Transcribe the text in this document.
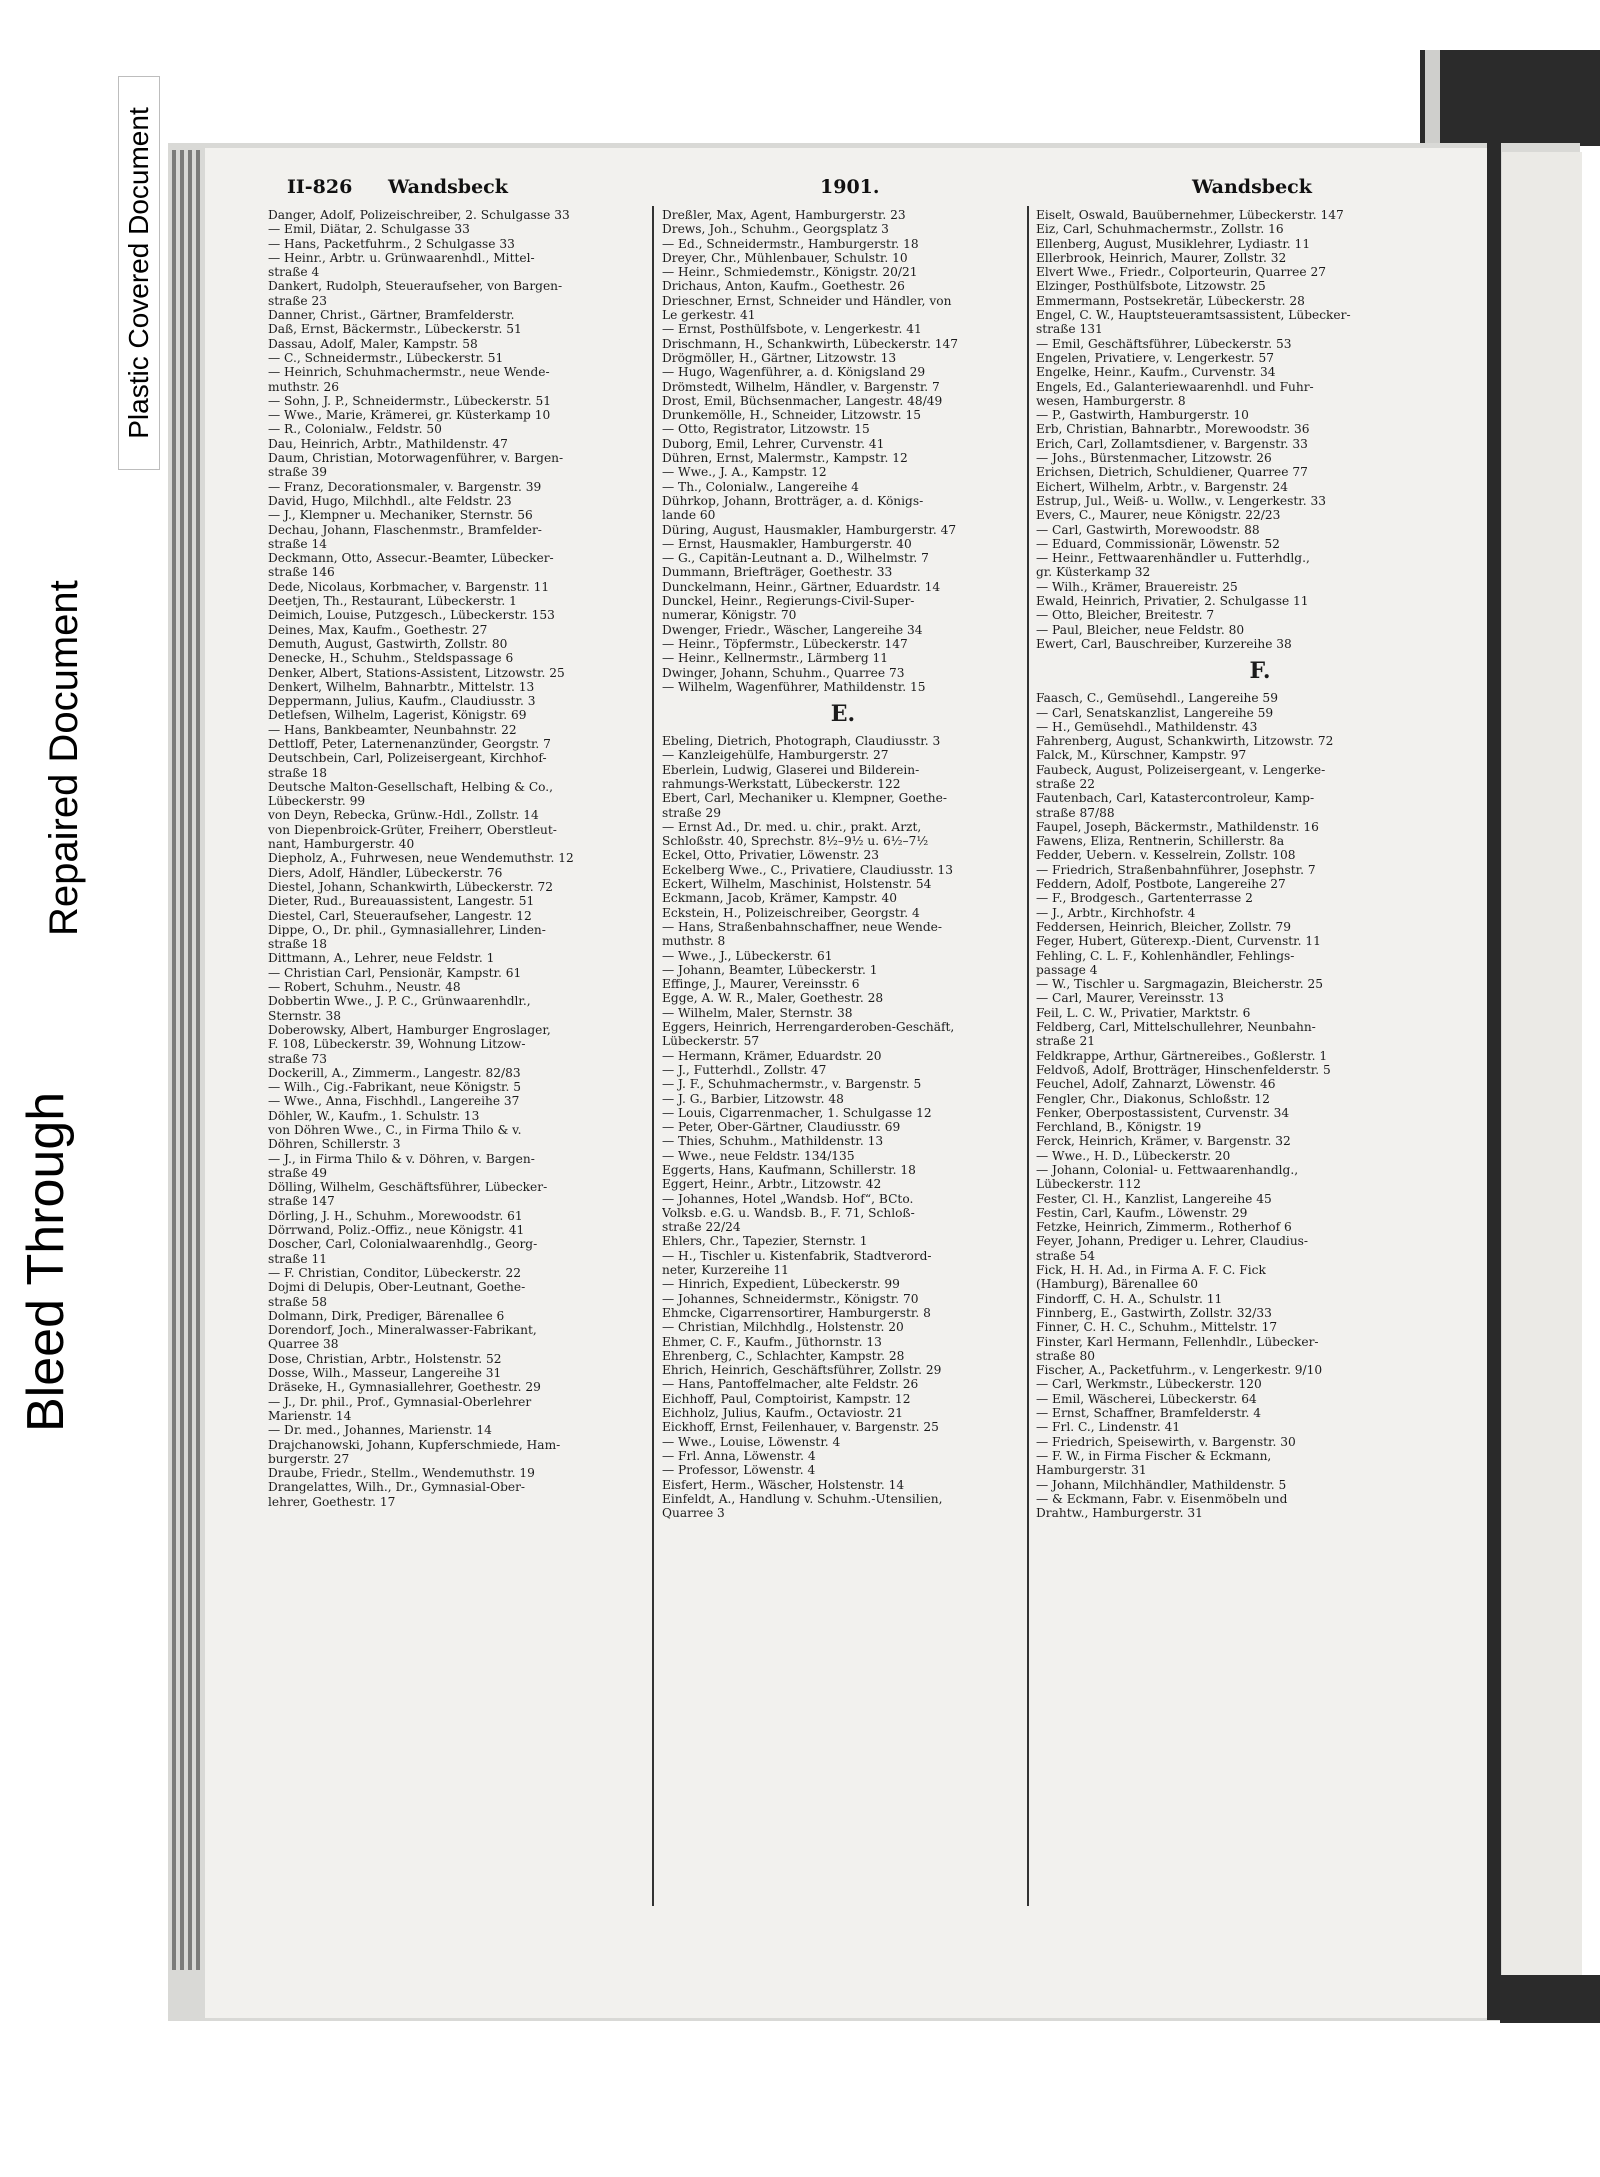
II-826 Wandsbeck	1901.	Wandsbeck
Danger, Adolf, Polizeischreiber, 2. Schulgasse 33
— Emil, Diätar, 2. Schulgasse 33
— Hans, Packetfuhrm., 2 Schulgasse 33
— Heinr., Arbtr. u. Grünwaarenhdl., Mittel-
straße 4
Dankert, Rudolph, Steueraufseher, von Bargen-
straße 23
Danner, Christ., Gärtner, Bramfelderstr.
Daß, Ernst, Bäckermstr., Lübeckerstr. 51
Dassau, Adolf, Maler, Kampstr. 58
— C., Schneidermstr., Lübeckerstr. 51
— Heinrich, Schuhmachermstr., neue Wende-
muthstr. 26
— Sohn, J. P., Schneidermstr., Lübeckerstr. 51
— Wwe., Marie, Krämerei, gr. Küsterkamp 10
— R., Colonialw., Feldstr. 50
Dau, Heinrich, Arbtr., Mathildenstr. 47
Daum, Christian, Motorwagenführer, v. Bargen-
straße 39
— Franz, Decorationsmaler, v. Bargenstr. 39
David, Hugo, Milchhdl., alte Feldstr. 23
— J., Klempner u. Mechaniker, Sternstr. 56
Dechau, Johann, Flaschenmstr., Bramfelder-
straße 14
Deckmann, Otto, Assecur.-Beamter, Lübecker-
straße 146
Dede, Nicolaus, Korbmacher, v. Bargenstr. 11
Deetjen, Th., Restaurant, Lübeckerstr. 1
Deimich, Louise, Putzgesch., Lübeckerstr. 153
Deines, Max, Kaufm., Goethestr. 27
Demuth, August, Gastwirth, Zollstr. 80
Denecke, H., Schuhm., Steldspassage 6
Denker, Albert, Stations-Assistent, Litzowstr. 25
Denkert, Wilhelm, Bahnarbtr., Mittelstr. 13
Deppermann, Julius, Kaufm., Claudiusstr. 3
Detlefsen, Wilhelm, Lagerist, Königstr. 69
— Hans, Bankbeamter, Neunbahnstr. 22
Dettloff, Peter, Laternenanzünder, Georgstr. 7
Deutschbein, Carl, Polizeisergeant, Kirchhof-
straße 18
Deutsche Malton-Gesellschaft, Helbing & Co.,
Lübeckerstr. 99
von Deyn, Rebecka, Grünw.-Hdl., Zollstr. 14
von Diepenbroick-Grüter, Freiherr, Oberstleut-
nant, Hamburgerstr. 40
Diepholz, A., Fuhrwesen, neue Wendemuthstr. 12
Diers, Adolf, Händler, Lübeckerstr. 76
Diestel, Johann, Schankwirth, Lübeckerstr. 72
Dieter, Rud., Bureauassistent, Langestr. 51
Diestel, Carl, Steueraufseher, Langestr. 12
Dippe, O., Dr. phil., Gymnasiallehrer, Linden-
straße 18
Dittmann, A., Lehrer, neue Feldstr. 1
— Christian Carl, Pensionär, Kampstr. 61
— Robert, Schuhm., Neustr. 48
Dobbertin Wwe., J. P. C., Grünwaarenhdlr.,
Sternstr. 38
Doberowsky, Albert, Hamburger Engroslager,
F. 108, Lübeckerstr. 39, Wohnung Litzow-
straße 73
Dockerill, A., Zimmerm., Langestr. 82/83
— Wilh., Cig.-Fabrikant, neue Königstr. 5
— Wwe., Anna, Fischhdl., Langereihe 37
Döhler, W., Kaufm., 1. Schulstr. 13
von Döhren Wwe., C., in Firma Thilo & v.
Döhren, Schillerstr. 3
— J., in Firma Thilo & v. Döhren, v. Bargen-
straße 49
Dölling, Wilhelm, Geschäftsführer, Lübecker-
straße 147
Dörling, J. H., Schuhm., Morewoodstr. 61
Dörrwand, Poliz.-Offiz., neue Königstr. 41
Doscher, Carl, Colonialwaarenhdlg., Georg-
straße 11
— F. Christian, Conditor, Lübeckerstr. 22
Dojmi di Delupis, Ober-Leutnant, Goethe-
straße 58
Dolmann, Dirk, Prediger, Bärenallee 6
Dorendorf, Joch., Mineralwasser-Fabrikant,
Quarree 38
Dose, Christian, Arbtr., Holstenstr. 52
Dosse, Wilh., Masseur, Langereihe 31
Dräseke, H., Gymnasiallehrer, Goethestr. 29
— J., Dr. phil., Prof., Gymnasial-Oberlehrer
Marienstr. 14
— Dr. med., Johannes, Marienstr. 14
Drajchanowski, Johann, Kupferschmiede, Ham-
burgerstr. 27
Draube, Friedr., Stellm., Wendemuthstr. 19
Drangelattes, Wilh., Dr., Gymnasial-Ober-
lehrer, Goethestr. 17
Dreßler, Max, Agent, Hamburgerstr. 23
Drews, Joh., Schuhm., Georgsplatz 3
— Ed., Schneidermstr., Hamburgerstr. 18
Dreyer, Chr., Mühlenbauer, Schulstr. 10
— Heinr., Schmiedemstr., Königstr. 20/21
Drichaus, Anton, Kaufm., Goethestr. 26
Drieschner, Ernst, Schneider und Händler, von
Le gerkestr. 41
— Ernst, Posthülfsbote, v. Lengerkestr. 41
Drischmann, H., Schankwirth, Lübeckerstr. 147
Drögmöller, H., Gärtner, Litzowstr. 13
— Hugo, Wagenführer, a. d. Königsland 29
Drömstedt, Wilhelm, Händler, v. Bargenstr. 7
Drost, Emil, Büchsenmacher, Langestr. 48/49
Drunkemölle, H., Schneider, Litzowstr. 15
— Otto, Registrator, Litzowstr. 15
Duborg, Emil, Lehrer, Curvenstr. 41
Dühren, Ernst, Malermstr., Kampstr. 12
— Wwe., J. A., Kampstr. 12
— Th., Colonialw., Langereihe 4
Dührkop, Johann, Brotträger, a. d. Königs-
lande 60
Düring, August, Hausmakler, Hamburgerstr. 47
— Ernst, Hausmakler, Hamburgerstr. 40
— G., Capitän-Leutnant a. D., Wilhelmstr. 7
Dummann, Briefträger, Goethestr. 33
Dunckelmann, Heinr., Gärtner, Eduardstr. 14
Dunckel, Heinr., Regierungs-Civil-Super-
numerar, Königstr. 70
Dwenger, Friedr., Wäscher, Langereihe 34
— Heinr., Töpfermstr., Lübeckerstr. 147
— Heinr., Kellnermstr., Lärmberg 11
Dwinger, Johann, Schuhm., Quarree 73
— Wilhelm, Wagenführer, Mathildenstr. 15
E.
Ebeling, Dietrich, Photograph, Claudiusstr. 3
— Kanzleigehülfe, Hamburgerstr. 27
Eberlein, Ludwig, Glaserei und Bilderein-
rahmungs-Werkstatt, Lübeckerstr. 122
Ebert, Carl, Mechaniker u. Klempner, Goethe-
straße 29
— Ernst Ad., Dr. med. u. chir., prakt. Arzt,
Schloßstr. 40, Sprechstr. 8½–9½ u. 6½–7½
Eckel, Otto, Privatier, Löwenstr. 23
Eckelberg Wwe., C., Privatiere, Claudiusstr. 13
Eckert, Wilhelm, Maschinist, Holstenstr. 54
Eckmann, Jacob, Krämer, Kampstr. 40
Eckstein, H., Polizeischreiber, Georgstr. 4
— Hans, Straßenbahnschaffner, neue Wende-
muthstr. 8
— Wwe., J., Lübeckerstr. 61
— Johann, Beamter, Lübeckerstr. 1
Effinge, J., Maurer, Vereinsstr. 6
Egge, A. W. R., Maler, Goethestr. 28
— Wilhelm, Maler, Sternstr. 38
Eggers, Heinrich, Herrengarderoben-Geschäft,
Lübeckerstr. 57
— Hermann, Krämer, Eduardstr. 20
— J., Futterhdl., Zollstr. 47
— J. F., Schuhmachermstr., v. Bargenstr. 5
— J. G., Barbier, Litzowstr. 48
— Louis, Cigarrenmacher, 1. Schulgasse 12
— Peter, Ober-Gärtner, Claudiusstr. 69
— Thies, Schuhm., Mathildenstr. 13
— Wwe., neue Feldstr. 134/135
Eggerts, Hans, Kaufmann, Schillerstr. 18
Eggert, Heinr., Arbtr., Litzowstr. 42
— Johannes, Hotel „Wandsb. Hof“, BCto.
Volksb. e.G. u. Wandsb. B., F. 71, Schloß-
straße 22/24
Ehlers, Chr., Tapezier, Sternstr. 1
— H., Tischler u. Kistenfabrik, Stadtverord-
neter, Kurzereihe 11
— Hinrich, Expedient, Lübeckerstr. 99
— Johannes, Schneidermstr., Königstr. 70
Ehmcke, Cigarrensortirer, Hamburgerstr. 8
— Christian, Milchhdlg., Holstenstr. 20
Ehmer, C. F., Kaufm., Jüthornstr. 13
Ehrenberg, C., Schlachter, Kampstr. 28
Ehrich, Heinrich, Geschäftsführer, Zollstr. 29
— Hans, Pantoffelmacher, alte Feldstr. 26
Eichhoff, Paul, Comptoirist, Kampstr. 12
Eichholz, Julius, Kaufm., Octaviostr. 21
Eickhoff, Ernst, Feilenhauer, v. Bargenstr. 25
— Wwe., Louise, Löwenstr. 4
— Frl. Anna, Löwenstr. 4
— Professor, Löwenstr. 4
Eisfert, Herm., Wäscher, Holstenstr. 14
Einfeldt, A., Handlung v. Schuhm.-Utensilien,
Quarree 3
Eiselt, Oswald, Bauübernehmer, Lübeckerstr. 147
Eiz, Carl, Schuhmachermstr., Zollstr. 16
Ellenberg, August, Musiklehrer, Lydiastr. 11
Ellerbrook, Heinrich, Maurer, Zollstr. 32
Elvert Wwe., Friedr., Colporteurin, Quarree 27
Elzinger, Posthülfsbote, Litzowstr. 25
Emmermann, Postsekretär, Lübeckerstr. 28
Engel, C. W., Hauptsteueramtsassistent, Lübecker-
straße 131
— Emil, Geschäftsführer, Lübeckerstr. 53
Engelen, Privatiere, v. Lengerkestr. 57
Engelke, Heinr., Kaufm., Curvenstr. 34
Engels, Ed., Galanteriewaarenhdl. und Fuhr-
wesen, Hamburgerstr. 8
— P., Gastwirth, Hamburgerstr. 10
Erb, Christian, Bahnarbtr., Morewoodstr. 36
Erich, Carl, Zollamtsdiener, v. Bargenstr. 33
— Johs., Bürstenmacher, Litzowstr. 26
Erichsen, Dietrich, Schuldiener, Quarree 77
Eichert, Wilhelm, Arbtr., v. Bargenstr. 24
Estrup, Jul., Weiß- u. Wollw., v. Lengerkestr. 33
Evers, C., Maurer, neue Königstr. 22/23
— Carl, Gastwirth, Morewoodstr. 88
— Eduard, Commissionär, Löwenstr. 52
— Heinr., Fettwaarenhändler u. Futterhdlg.,
gr. Küsterkamp 32
— Wilh., Krämer, Brauereistr. 25
Ewald, Heinrich, Privatier, 2. Schulgasse 11
— Otto, Bleicher, Breitestr. 7
— Paul, Bleicher, neue Feldstr. 80
Ewert, Carl, Bauschreiber, Kurzereihe 38
F.
Faasch, C., Gemüsehdl., Langereihe 59
— Carl, Senatskanzlist, Langereihe 59
— H., Gemüsehdl., Mathildenstr. 43
Fahrenberg, August, Schankwirth, Litzowstr. 72
Falck, M., Kürschner, Kampstr. 97
Faubeck, August, Polizeisergeant, v. Lengerke-
straße 22
Fautenbach, Carl, Katastercontroleur, Kamp-
straße 87/88
Faupel, Joseph, Bäckermstr., Mathildenstr. 16
Fawens, Eliza, Rentnerin, Schillerstr. 8a
Fedder, Uebern. v. Kesselrein, Zollstr. 108
— Friedrich, Straßenbahnführer, Josephstr. 7
Feddern, Adolf, Postbote, Langereihe 27
— F., Brodgesch., Gartenterrasse 2
— J., Arbtr., Kirchhofstr. 4
Feddersen, Heinrich, Bleicher, Zollstr. 79
Feger, Hubert, Güterexp.-Dient, Curvenstr. 11
Fehling, C. L. F., Kohlenhändler, Fehlings-
passage 4
— W., Tischler u. Sargmagazin, Bleicherstr. 25
— Carl, Maurer, Vereinsstr. 13
Feil, L. C. W., Privatier, Marktstr. 6
Feldberg, Carl, Mittelschullehrer, Neunbahn-
straße 21
Feldkrappe, Arthur, Gärtnereibes., Goßlerstr. 1
Feldvoß, Adolf, Brotträger, Hinschenfelderstr. 5
Feuchel, Adolf, Zahnarzt, Löwenstr. 46
Fengler, Chr., Diakonus, Schloßstr. 12
Fenker, Oberpostassistent, Curvenstr. 34
Ferchland, B., Königstr. 19
Ferck, Heinrich, Krämer, v. Bargenstr. 32
— Wwe., H. D., Lübeckerstr. 20
— Johann, Colonial- u. Fettwaarenhandlg.,
Lübeckerstr. 112
Fester, Cl. H., Kanzlist, Langereihe 45
Festin, Carl, Kaufm., Löwenstr. 29
Fetzke, Heinrich, Zimmerm., Rotherhof 6
Feyer, Johann, Prediger u. Lehrer, Claudius-
straße 54
Fick, H. H. Ad., in Firma A. F. C. Fick
(Hamburg), Bärenallee 60
Findorff, C. H. A., Schulstr. 11
Finnberg, E., Gastwirth, Zollstr. 32/33
Finner, C. H. C., Schuhm., Mittelstr. 17
Finster, Karl Hermann, Fellenhdlr., Lübecker-
straße 80
Fischer, A., Packetfuhrm., v. Lengerkestr. 9/10
— Carl, Werkmstr., Lübeckerstr. 120
— Emil, Wäscherei, Lübeckerstr. 64
— Ernst, Schaffner, Bramfelderstr. 4
— Frl. C., Lindenstr. 41
— Friedrich, Speisewirth, v. Bargenstr. 30
— F. W., in Firma Fischer & Eckmann,
Hamburgerstr. 31
— Johann, Milchhändler, Mathildenstr. 5
— & Eckmann, Fabr. v. Eisenmöbeln und
Drahtw., Hamburgerstr. 31
Bleed Through
Repaired Document
Plastic Covered Document
